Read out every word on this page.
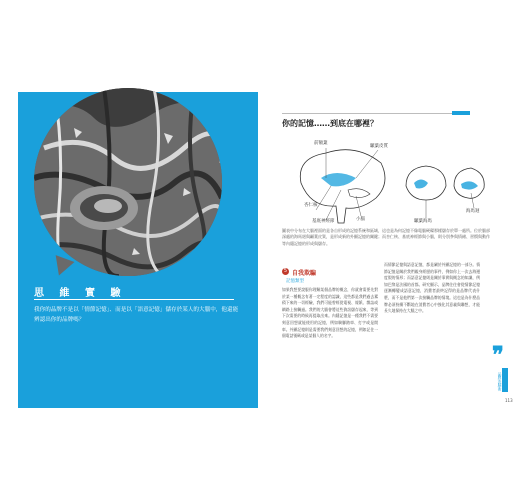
思 維 實 驗
我你的品牌不是以「情節記憶」、而是以「語意記憶」儲存於某人的大腦中，他還能辨認出你的品牌嗎？
你的記憶……到底在哪裡？
前額葉
顳葉皮質
杏仁核
基底神經節	小腦	顳葉海馬
海馬迴
圖表中分布在大腦裡面的是各自形成的記憶系統和區域，這也是為何記憶不像電腦硬碟那樣儲存於單一處所。位於腦部深處的海馬迴與顳葉皮質，是形成新的外顯記憶的關鍵；而杏仁核、基底神經節與小腦，則分別參與情緒、習慣與動作等內隱記憶的形成與儲存。
5 自我欺騙
記憶類型
如果我想要說服你理解某個品牌的概念，你就會需要先對於某一種概念有著一定程度的認識，這些都是我們過去累積下來的一切經驗，我們可能曾經從電視、報紙、雜誌或網路上接觸過。我們的大腦會將這些資訊儲存起來，等到下次需要的時候再提取出來。內隱記憶是一種我們不需要刻意回想就能使用的記憶，例如騎腳踏車、打字或是開車。外顯記憶則是需要我們刻意回想的記憶，例如記住一個電話號碼或是某個人的名字。
而情節記憶與語意記憶，都是屬於外顯記憶的一部分。情節記憶是關於我們親身經歷的事件，例如你上一次去海邊度假的情形；而語意記憶則是關於事實與概念的知識，例如巴黎是法國的首都。研究顯示，品牌往往會從情節記憶逐漸轉變成語意記憶，消費者最終記得的是品牌代表什麼，而不是他們第一次接觸品牌的情境。這也是為什麼品牌必須持續不斷地在消費者心中強化其意義與聯想，才能長久地保持在大腦之中。
❞
品牌洗腦術
113
